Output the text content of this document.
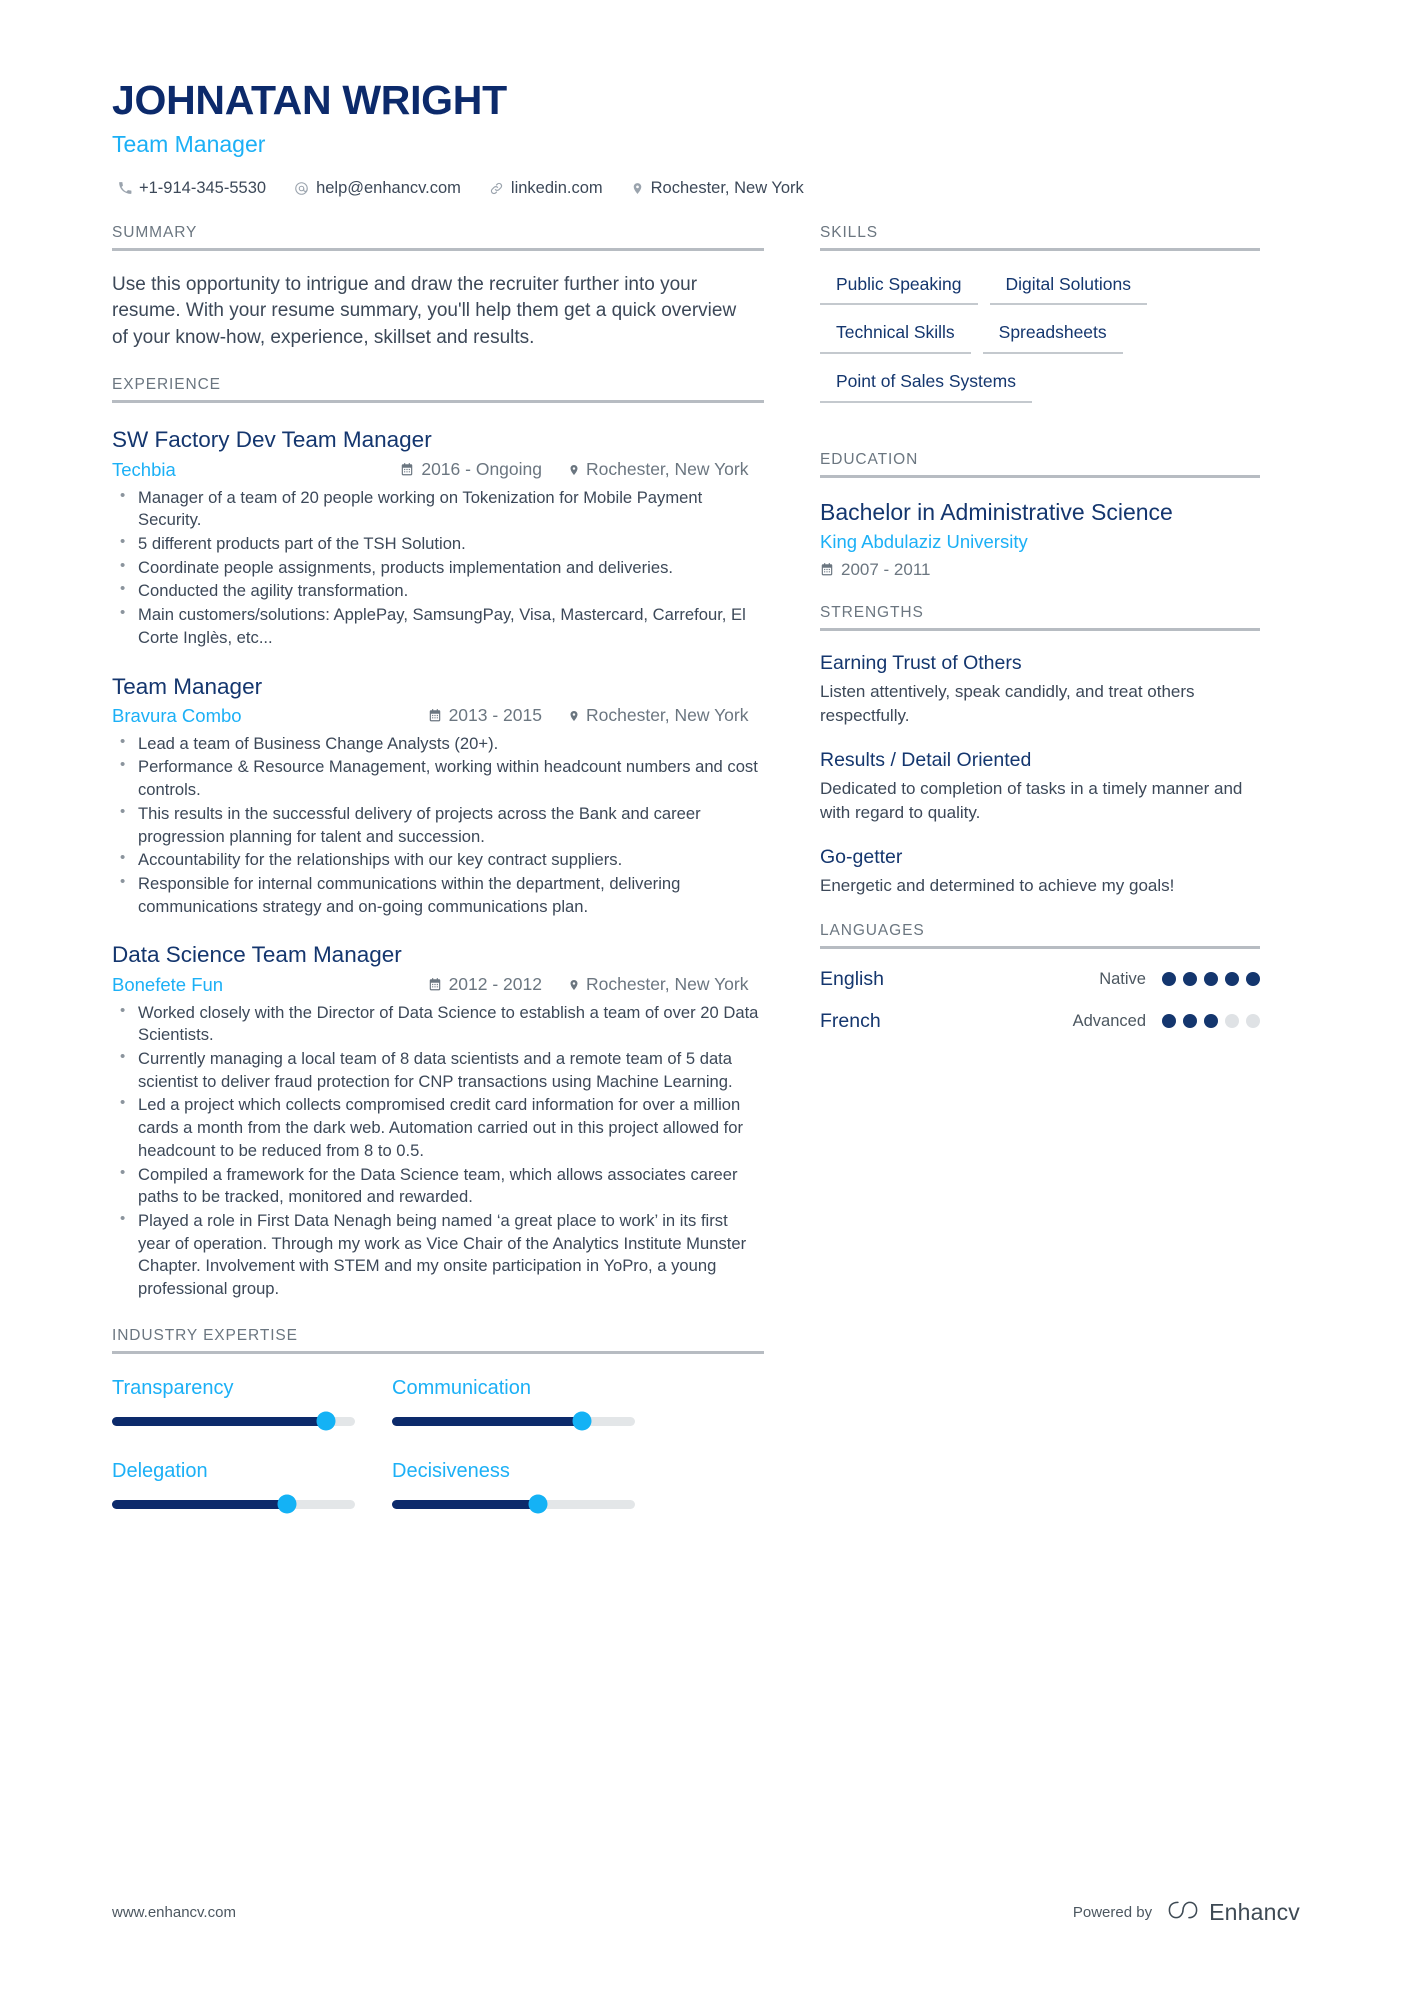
JOHNATAN WRIGHT
Team Manager
+1-914-345-5530	help@enhancv.com	linkedin.com	Rochester, New York
SUMMARY
Use this opportunity to intrigue and draw the recruiter further into your resume. With your resume summary, you'll help them get a quick overview of your know-how, experience, skillset and results.
EXPERIENCE
SW Factory Dev Team Manager
Techbia	2016 - Ongoing	Rochester, New York
• Manager of a team of 20 people working on Tokenization for Mobile Payment Security.
• 5 different products part of the TSH Solution.
• Coordinate people assignments, products implementation and deliveries.
• Conducted the agility transformation.
• Main customers/solutions: ApplePay, SamsungPay, Visa, Mastercard, Carrefour, El Corte Inglès, etc...
Team Manager
Bravura Combo	2013 - 2015	Rochester, New York
• Lead a team of Business Change Analysts (20+).
• Performance & Resource Management, working within headcount numbers and cost controls.
• This results in the successful delivery of projects across the Bank and career progression planning for talent and succession.
• Accountability for the relationships with our key contract suppliers.
• Responsible for internal communications within the department, delivering communications strategy and on-going communications plan.
Data Science Team Manager
Bonefete Fun	2012 - 2012	Rochester, New York
• Worked closely with the Director of Data Science to establish a team of over 20 Data Scientists.
• Currently managing a local team of 8 data scientists and a remote team of 5 data scientist to deliver fraud protection for CNP transactions using Machine Learning.
• Led a project which collects compromised credit card information for over a million cards a month from the dark web. Automation carried out in this project allowed for headcount to be reduced from 8 to 0.5.
• Compiled a framework for the Data Science team, which allows associates career paths to be tracked, monitored and rewarded.
• Played a role in First Data Nenagh being named ‘a great place to work’ in its first year of operation. Through my work as Vice Chair of the Analytics Institute Munster Chapter. Involvement with STEM and my onsite participation in YoPro, a young professional group.
INDUSTRY EXPERTISE
Transparency	Communication
Delegation	Decisiveness
SKILLS
Public Speaking	Digital Solutions
Technical Skills	Spreadsheets
Point of Sales Systems
EDUCATION
Bachelor in Administrative Science
King Abdulaziz University
2007 - 2011
STRENGTHS
Earning Trust of Others
Listen attentively, speak candidly, and treat others respectfully.
Results / Detail Oriented
Dedicated to completion of tasks in a timely manner and with regard to quality.
Go-getter
Energetic and determined to achieve my goals!
LANGUAGES
English	Native
French	Advanced
www.enhancv.com	Powered by Enhancv
